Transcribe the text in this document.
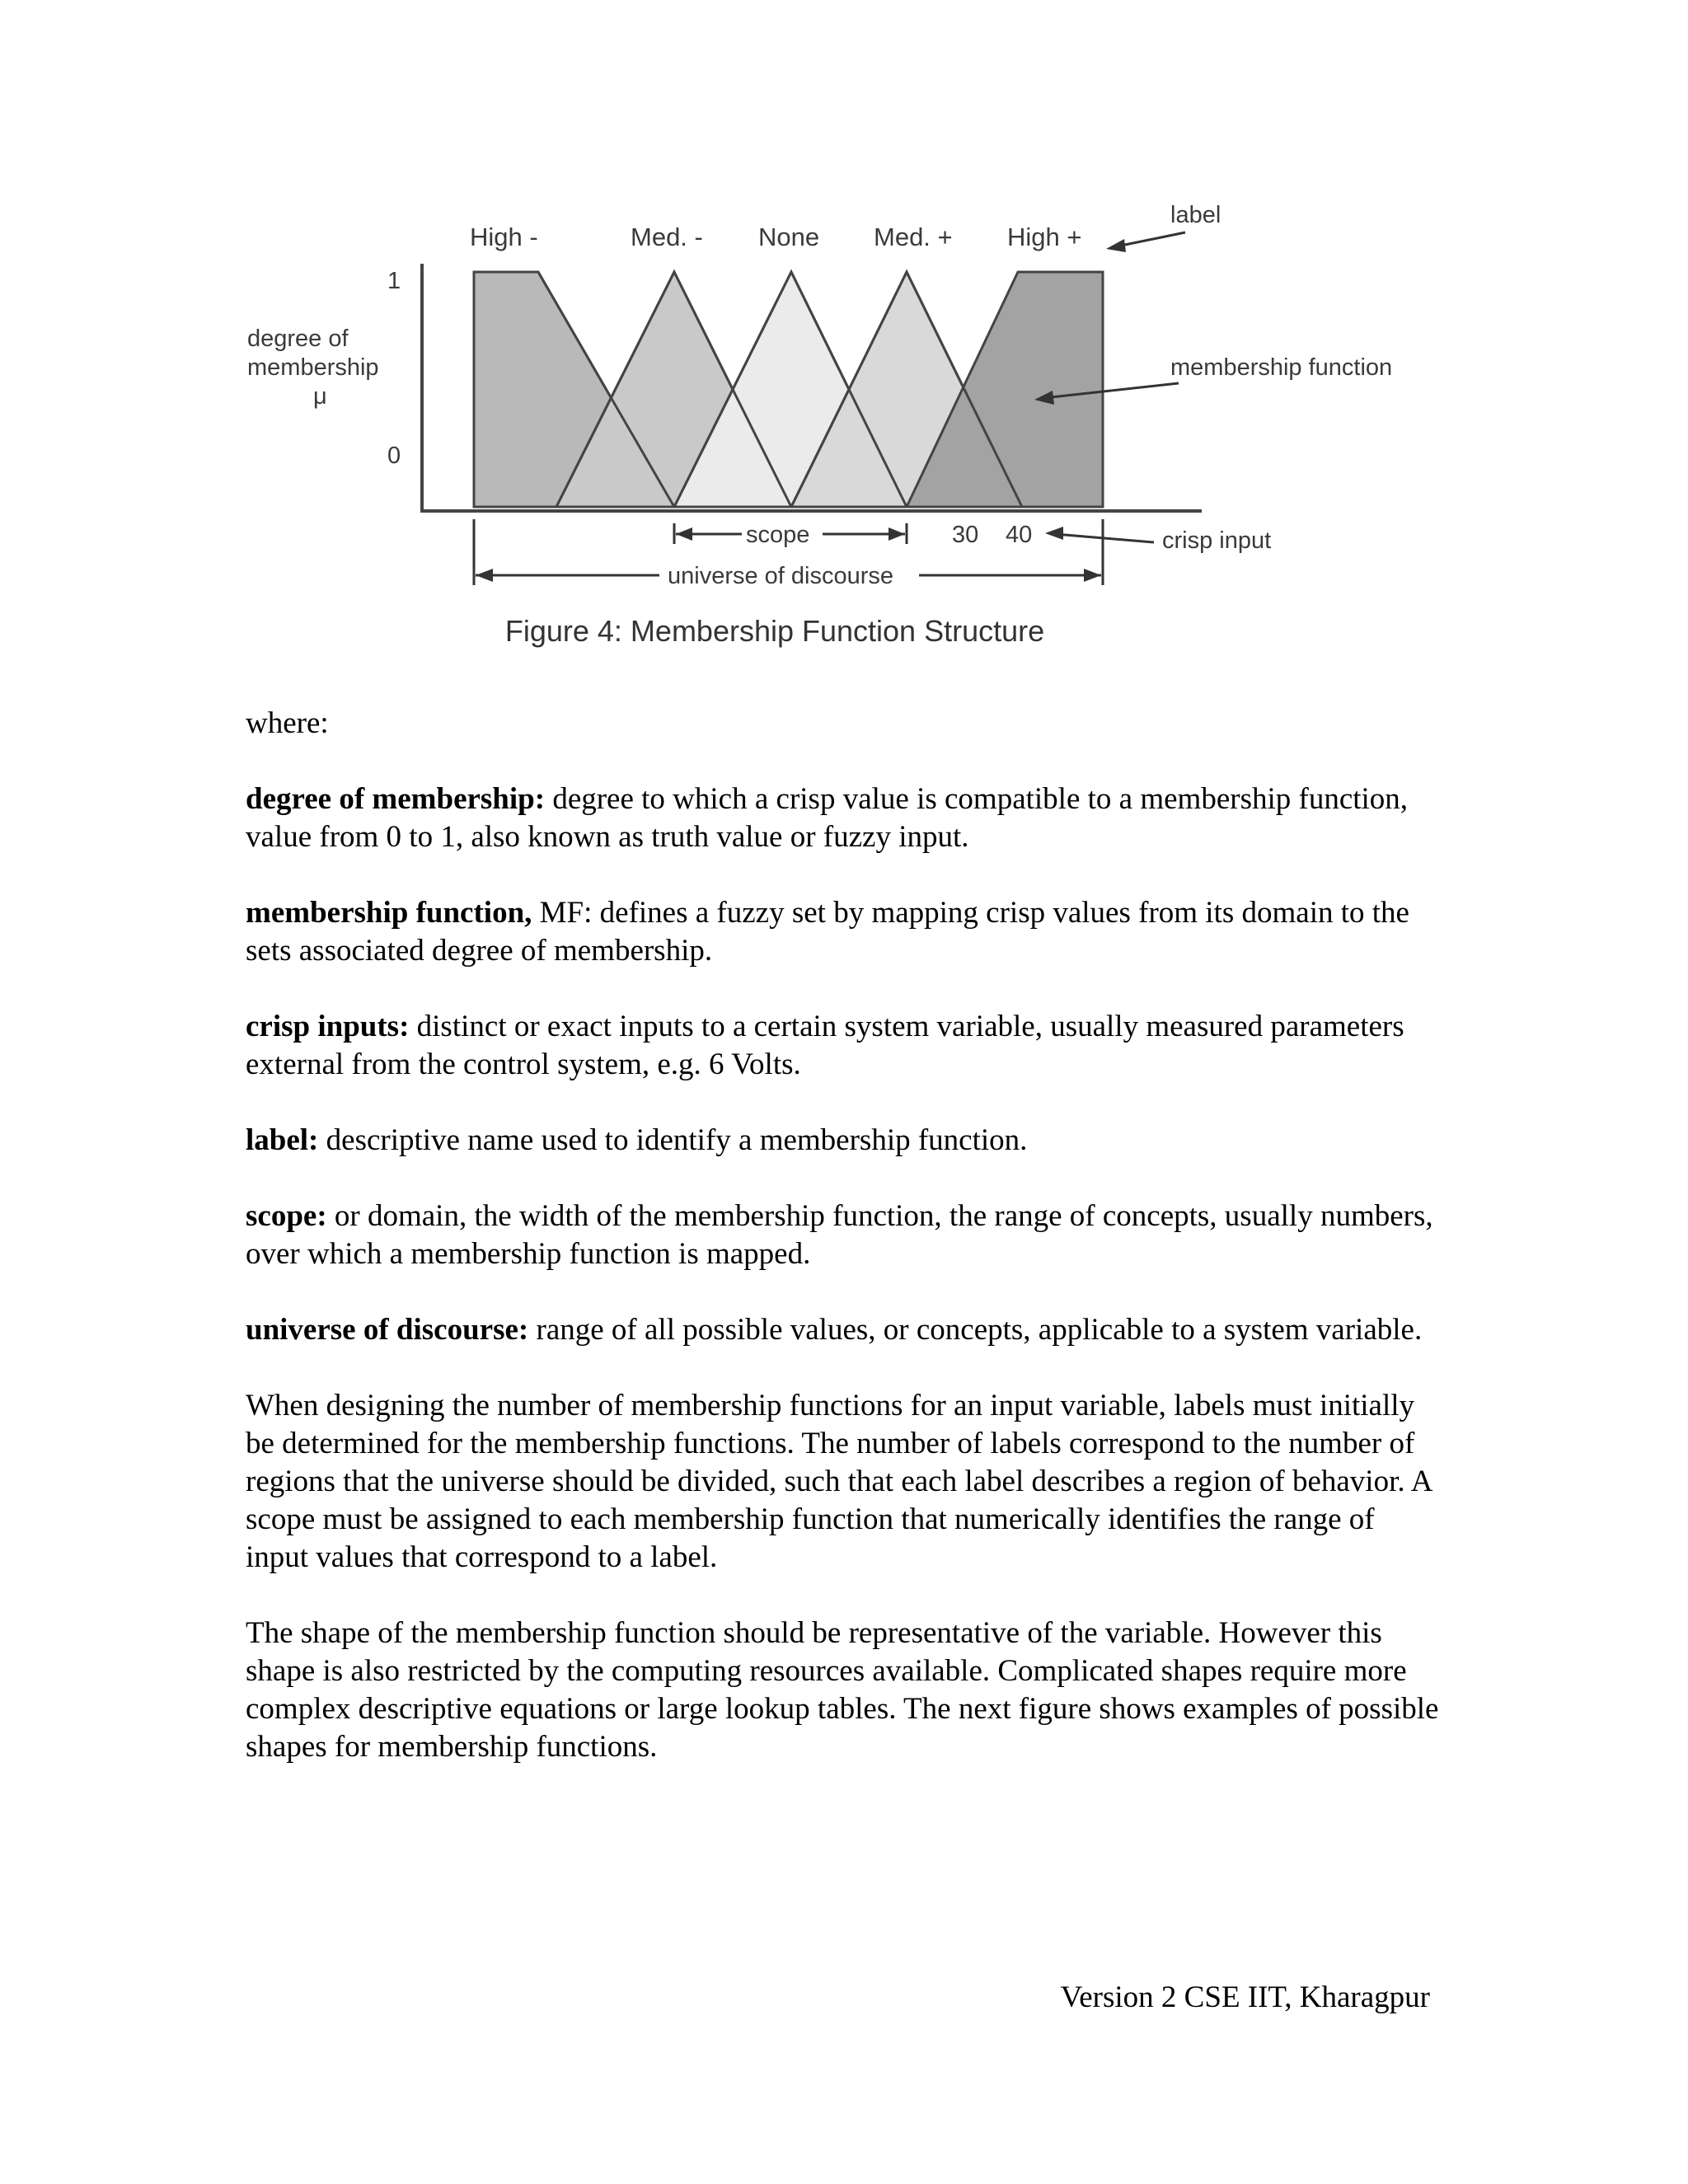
High -	Med. - None Med. + High +
label
degree of
membership
μ
1
0
membership function
scope	30 40	crisp input
universe of discourse
Figure 4: Membership Function Structure

where:

degree of membership: degree to which a crisp value is compatible to a membership function, value from 0 to 1, also known as truth value or fuzzy input.

membership function, MF: defines a fuzzy set by mapping crisp values from its domain to the sets associated degree of membership.

crisp inputs: distinct or exact inputs to a certain system variable, usually measured parameters external from the control system, e.g. 6 Volts.

label: descriptive name used to identify a membership function.

scope: or domain, the width of the membership function, the range of concepts, usually numbers, over which a membership function is mapped.

universe of discourse: range of all possible values, or concepts, applicable to a system variable.

When designing the number of membership functions for an input variable, labels must initially be determined for the membership functions. The number of labels correspond to the number of regions that the universe should be divided, such that each label describes a region of behavior. A scope must be assigned to each membership function that numerically identifies the range of input values that correspond to a label.

The shape of the membership function should be representative of the variable. However this shape is also restricted by the computing resources available. Complicated shapes require more complex descriptive equations or large lookup tables. The next figure shows examples of possible shapes for membership functions.

Version 2 CSE IIT, Kharagpur
